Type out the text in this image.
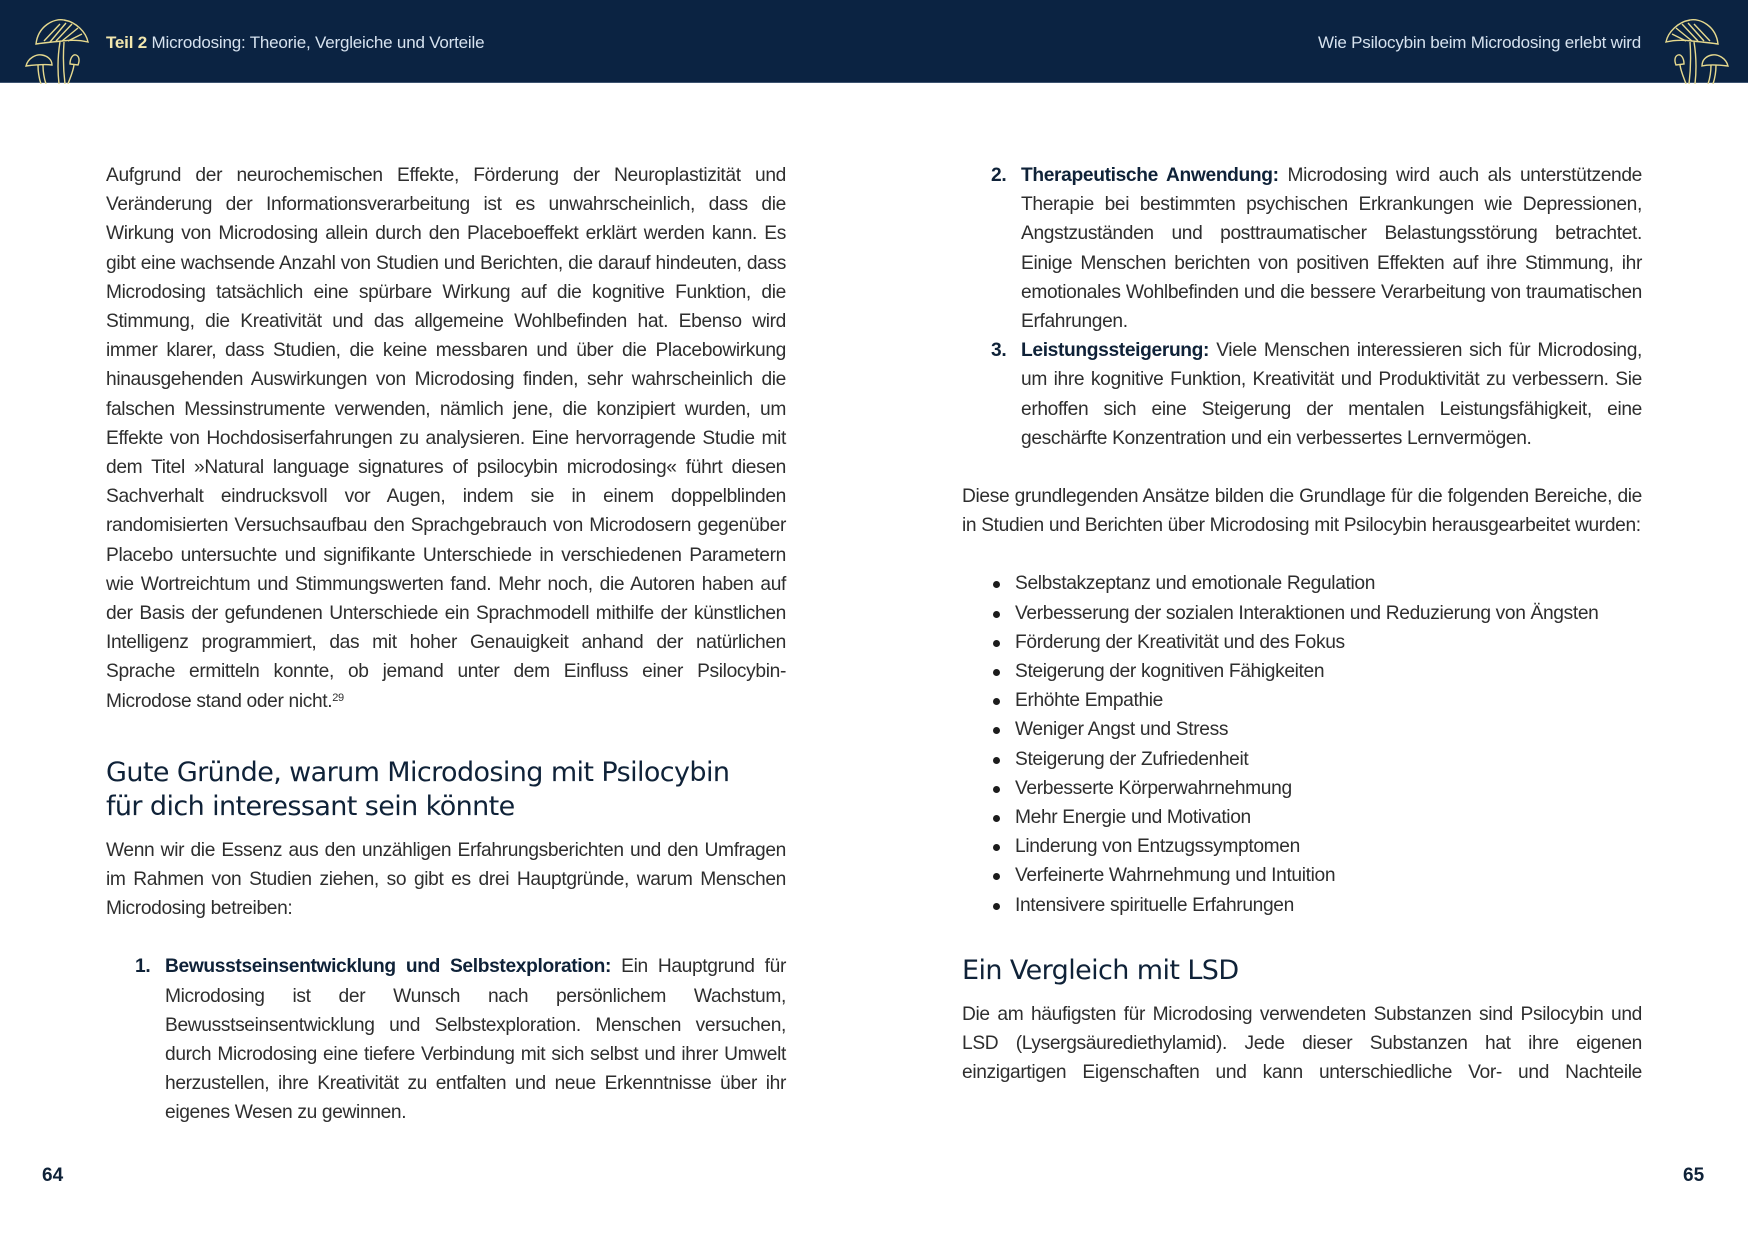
Teil 2 Microdosing: Theorie, Vergleiche und Vorteile	Wie Psilocybin beim Microdosing erlebt wird

Aufgrund der neurochemischen Effekte, Förderung der Neuroplastizität und Veränderung der Informationsverarbeitung ist es unwahrscheinlich, dass die Wirkung von Microdosing allein durch den Placeboeffekt erklärt werden kann. Es gibt eine wachsende Anzahl von Studien und Berichten, die darauf hindeuten, dass Microdosing tatsächlich eine spürbare Wirkung auf die kognitive Funktion, die Stimmung, die Kreativität und das allgemeine Wohlbefinden hat. Ebenso wird immer klarer, dass Studien, die keine messbaren und über die Placebowirkung hinausgehenden Auswirkungen von Microdosing finden, sehr wahrscheinlich die falschen Messinstrumente verwenden, nämlich jene, die konzipiert wurden, um Effekte von Hochdosiserfahrungen zu analysieren. Eine hervorragende Studie mit dem Titel »Natural language signatures of psilocybin microdosing« führt diesen Sachverhalt eindrucksvoll vor Augen, indem sie in einem doppelblinden randomisierten Versuchsaufbau den Sprachgebrauch von Microdosern gegenüber Placebo untersuchte und signifikante Unterschiede in verschiedenen Parametern wie Wortreichtum und Stimmungswerten fand. Mehr noch, die Autoren haben auf der Basis der gefundenen Unterschiede ein Sprachmodell mithilfe der künstlichen Intelligenz programmiert, das mit hoher Genauigkeit anhand der natürlichen Sprache ermitteln konnte, ob jemand unter dem Einfluss einer Psilocybin-Microdose stand oder nicht.$^{29}$

Gute Gründe, warum Microdosing mit Psilocybin
für dich interessant sein könnte

Wenn wir die Essenz aus den unzähligen Erfahrungsberichten und den Umfragen im Rahmen von Studien ziehen, so gibt es drei Hauptgründe, warum Menschen Microdosing betreiben:

1. Bewusstseinsentwicklung und Selbstexploration: Ein Hauptgrund für Microdosing ist der Wunsch nach persönlichem Wachstum, Bewusstseinsentwicklung und Selbstexploration. Menschen versuchen, durch Microdosing eine tiefere Verbindung mit sich selbst und ihrer Umwelt herzustellen, ihre Kreativität zu entfalten und neue Erkenntnisse über ihr eigenes Wesen zu gewinnen.
64
2. Therapeutische Anwendung: Microdosing wird auch als unterstützende Therapie bei bestimmten psychischen Erkrankungen wie Depressionen, Angstzuständen und posttraumatischer Belastungsstörung betrachtet. Einige Menschen berichten von positiven Effekten auf ihre Stimmung, ihr emotionales Wohlbefinden und die bessere Verarbeitung von traumatischen Erfahrungen.
3. Leistungssteigerung: Viele Menschen interessieren sich für Microdosing, um ihre kognitive Funktion, Kreativität und Produktivität zu verbessern. Sie erhoffen sich eine Steigerung der mentalen Leistungsfähigkeit, eine geschärfte Konzentration und ein verbessertes Lernvermögen.

Diese grundlegenden Ansätze bilden die Grundlage für die folgenden Bereiche, die in Studien und Berichten über Microdosing mit Psilocybin herausgearbeitet wurden:

Selbstakzeptanz und emotionale Regulation
Verbesserung der sozialen Interaktionen und Reduzierung von Ängsten
Förderung der Kreativität und des Fokus
Steigerung der kognitiven Fähigkeiten
Erhöhte Empathie
Weniger Angst und Stress
Steigerung der Zufriedenheit
Verbesserte Körperwahrnehmung
Mehr Energie und Motivation
Linderung von Entzugssymptomen
Verfeinerte Wahrnehmung und Intuition
Intensivere spirituelle Erfahrungen
Ein Vergleich mit LSD

Die am häufigsten für Microdosing verwendeten Substanzen sind Psilocybin und LSD (Lysergsäurediethylamid). Jede dieser Substanzen hat ihre eigenen einzigartigen Eigenschaften und kann unterschiedliche Vor- und Nachteile

65
